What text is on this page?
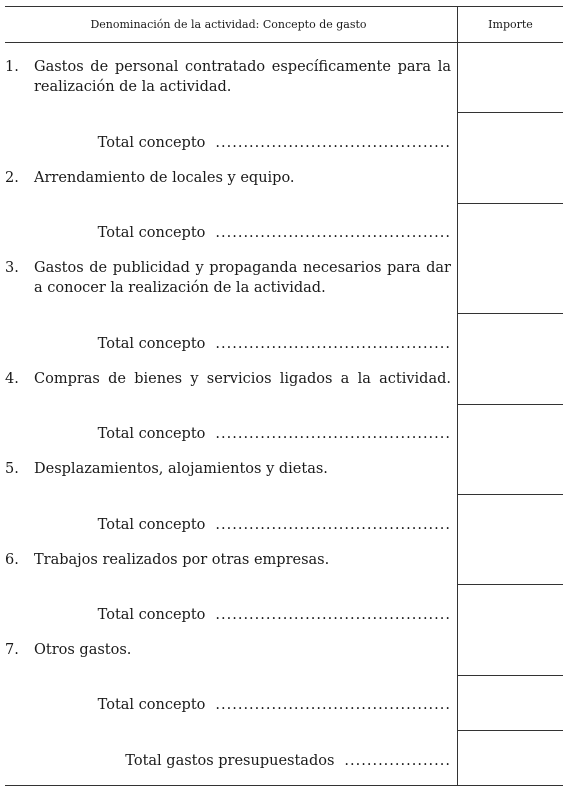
Denominación de la actividad: Concepto de gasto	Importe
1.	Gastos de personal contratado específicamente para la realización de la actividad.
Total concepto ..........................................
2.	Arrendamiento de locales y equipo.
Total concepto ..........................................
3.	Gastos de publicidad y propaganda necesarios para dar a conocer la realización de la actividad.
Total concepto ..........................................
4.	Compras de bienes y servicios ligados a la actividad.
Total concepto ..........................................
5.	Desplazamientos, alojamientos y dietas.
Total concepto ..........................................
6.	Trabajos realizados por otras empresas.
Total concepto ..........................................
7.	Otros gastos.
Total concepto ..........................................
Total gastos presupuestados ...................
